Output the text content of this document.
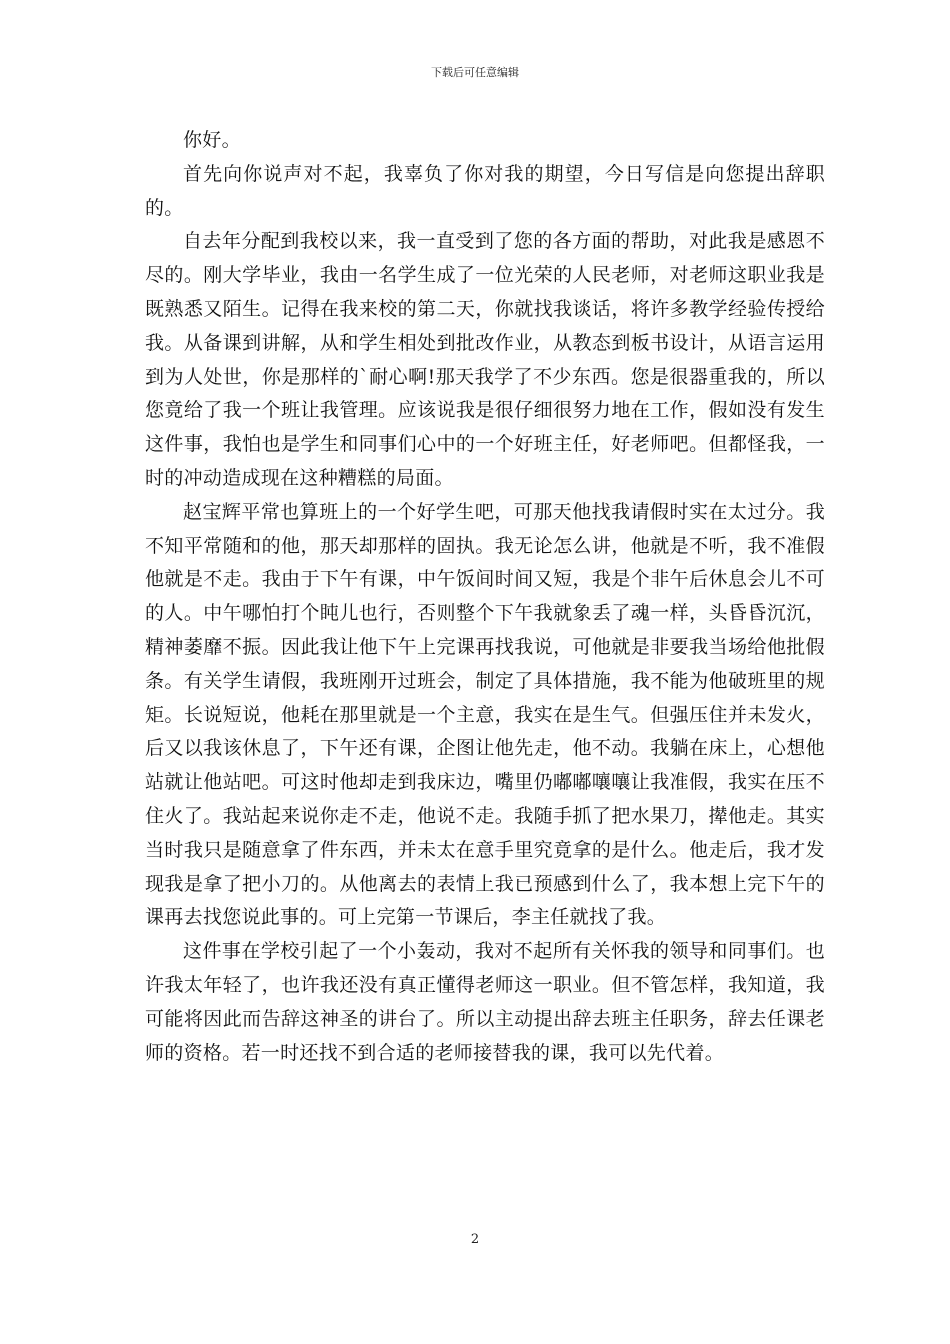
下载后可任意编辑

你好。

首先向你说声对不起，我辜负了你对我的期望，今日写信是向您提出辞职的。

自去年分配到我校以来，我一直受到了您的各方面的帮助，对此我是感恩不尽的。刚大学毕业，我由一名学生成了一位光荣的人民老师，对老师这职业我是既熟悉又陌生。记得在我来校的第二天，你就找我谈话，将许多教学经验传授给我。从备课到讲解，从和学生相处到批改作业，从教态到板书设计，从语言运用到为人处世，你是那样的`耐心啊!那天我学了不少东西。您是很器重我的，所以您竟给了我一个班让我管理。应该说我是很仔细很努力地在工作，假如没有发生这件事，我怕也是学生和同事们心中的一个好班主任，好老师吧。但都怪我，一时的冲动造成现在这种糟糕的局面。

赵宝辉平常也算班上的一个好学生吧，可那天他找我请假时实在太过分。我不知平常随和的他，那天却那样的固执。我无论怎么讲，他就是不听，我不准假他就是不走。我由于下午有课，中午饭间时间又短，我是个非午后休息会儿不可的人。中午哪怕打个盹儿也行，否则整个下午我就象丢了魂一样，头昏昏沉沉，精神萎靡不振。因此我让他下午上完课再找我说，可他就是非要我当场给他批假条。有关学生请假，我班刚开过班会，制定了具体措施，我不能为他破班里的规矩。长说短说，他耗在那里就是一个主意，我实在是生气。但强压住并未发火，后又以我该休息了，下午还有课，企图让他先走，他不动。我躺在床上，心想他站就让他站吧。可这时他却走到我床边，嘴里仍嘟嘟嚷嚷让我准假，我实在压不住火了。我站起来说你走不走，他说不走。我随手抓了把水果刀，撵他走。其实当时我只是随意拿了件东西，并未太在意手里究竟拿的是什么。他走后，我才发现我是拿了把小刀的。从他离去的表情上我已预感到什么了，我本想上完下午的课再去找您说此事的。可上完第一节课后，李主任就找了我。

这件事在学校引起了一个小轰动，我对不起所有关怀我的领导和同事们。也许我太年轻了，也许我还没有真正懂得老师这一职业。但不管怎样，我知道，我可能将因此而告辞这神圣的讲台了。所以主动提出辞去班主任职务，辞去任课老师的资格。若一时还找不到合适的老师接替我的课，我可以先代着。

2
